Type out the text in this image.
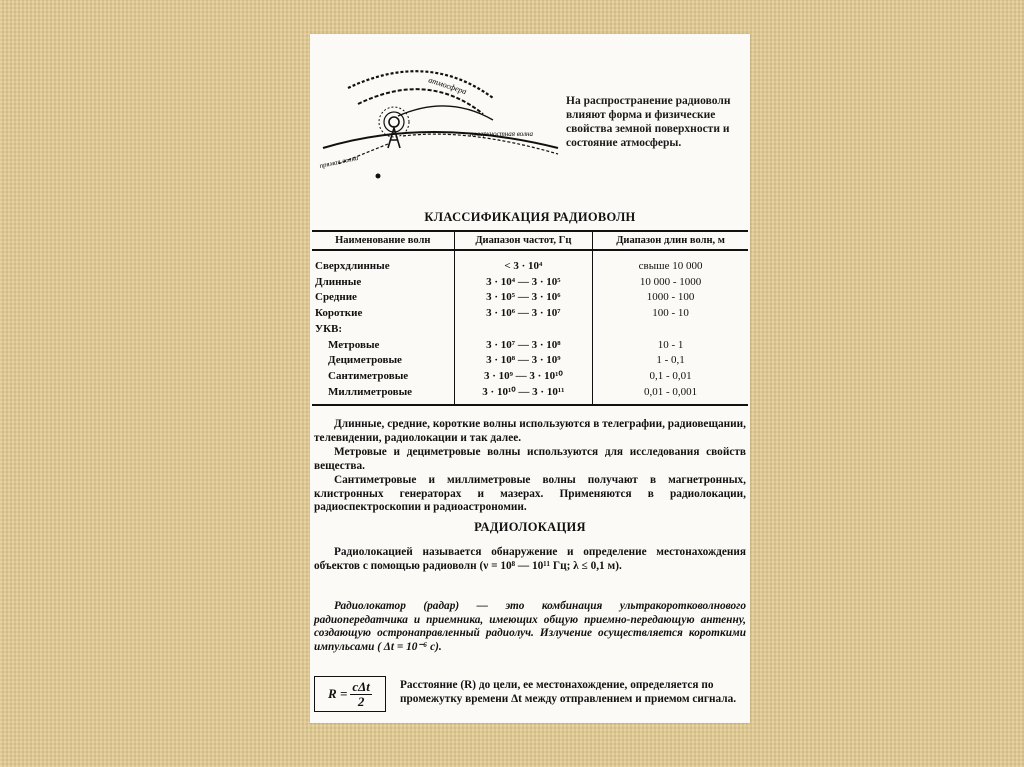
атмосфера
прямая волна
поверхностная волна
На распространение радиоволн влияют форма и физические свойства земной поверхности и состояние атмосферы.
КЛАССИФИКАЦИЯ РАДИОВОЛН
Наименование волн	Диапазон частот, Гц	Диапазон длин волн, м
Сверхдлинные	< 3 · 10⁴	свыше 10 000
Длинные	3 · 10⁴ — 3 · 10⁵	10 000 - 1000
Средние	3 · 10⁵ — 3 · 10⁶	1000 - 100
Короткие	3 · 10⁶ — 3 · 10⁷	100 - 10
УКВ:		
Метровые	3 · 10⁷ — 3 · 10⁸	10 - 1
Дециметровые	3 · 10⁸ — 3 · 10⁹	1 - 0,1
Сантиметровые	3 · 10⁹ — 3 · 10¹⁰	0,1 - 0,01
Миллиметровые	3 · 10¹⁰ — 3 · 10¹¹	0,01 - 0,001
Длинные, средние, короткие волны используются в телеграфии, радиовещании, телевидении, радиолокации и так далее.
Метровые и дециметровые волны используются для исследования свойств вещества.
Сантиметровые и миллиметровые волны получают в магнетронных, клистронных генераторах и мазерах. Применяются в радиолокации, радиоспектроскопии и радиоастрономии.
РАДИОЛОКАЦИЯ
Радиолокацией называется обнаружение и определение местонахождения объектов с помощью радиоволн (ν = 10⁸ — 10¹¹ Гц; λ ≤ 0,1 м).
Радиолокатор (радар) — это комбинация ультракоротковолнового радиопередатчика и приемника, имеющих общую приемно-передающую антенну, создающую остронаправленный радиолуч. Излучение осуществляется короткими импульсами ( Δt = 10⁻⁶ с).
$R = \frac{\text{cΔt}}{2}$ Расстояние (R) до цели, ее местонахождение, определяется по промежутку времени Δt между отправлением и приемом сигнала.
